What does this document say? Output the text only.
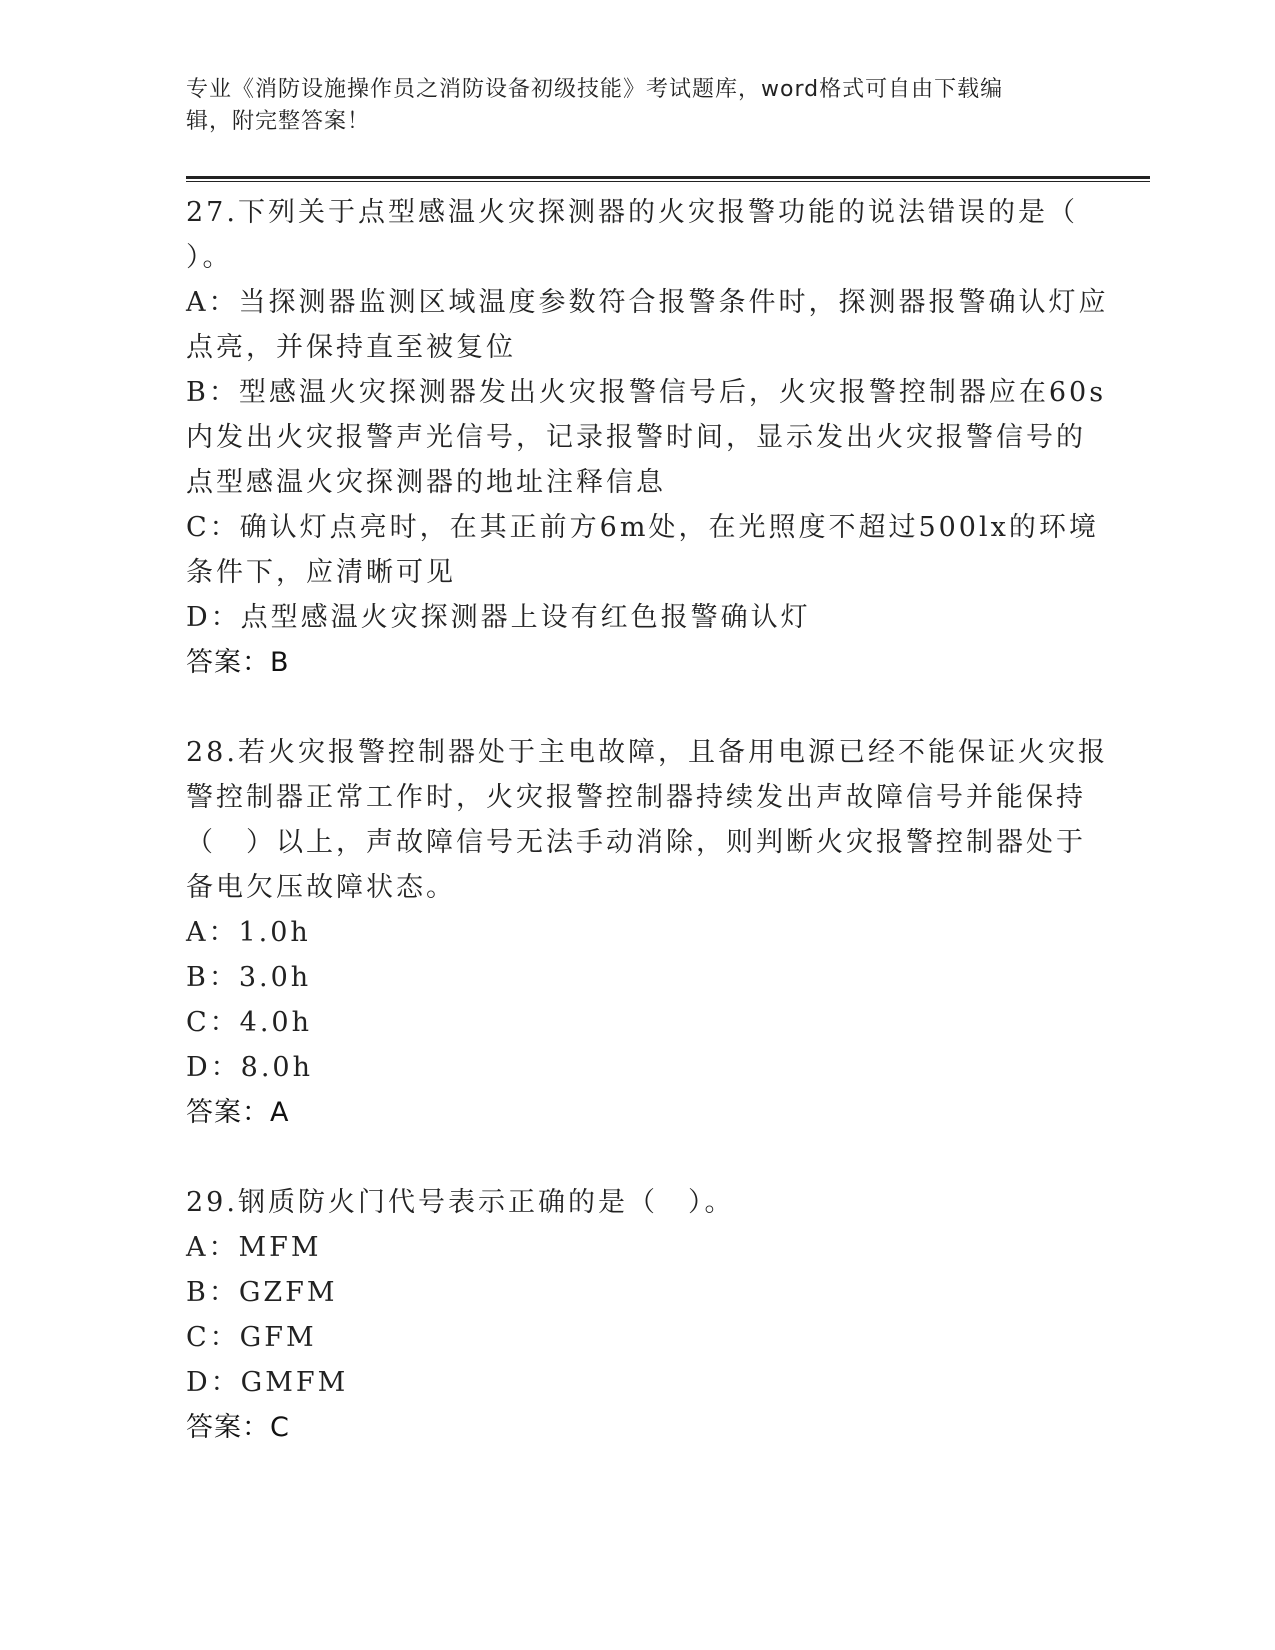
专业《消防设施操作员之消防设备初级技能》考试题库，word格式可自由下载编
辑，附完整答案！
27.下列关于点型感温火灾探测器的火灾报警功能的说法错误的是（
）。
A：当探测器监测区域温度参数符合报警条件时，探测器报警确认灯应
点亮，并保持直至被复位
B：型感温火灾探测器发出火灾报警信号后，火灾报警控制器应在60s
内发出火灾报警声光信号，记录报警时间，显示发出火灾报警信号的
点型感温火灾探测器的地址注释信息
C：确认灯点亮时，在其正前方6m处，在光照度不超过500lx的环境
条件下，应清晰可见
D：点型感温火灾探测器上设有红色报警确认灯
答案：B
28.若火灾报警控制器处于主电故障，且备用电源已经不能保证火灾报
警控制器正常工作时，火灾报警控制器持续发出声故障信号并能保持
（　）以上，声故障信号无法手动消除，则判断火灾报警控制器处于
备电欠压故障状态。
A：1.0h
B：3.0h
C：4.0h
D：8.0h
答案：A
29.钢质防火门代号表示正确的是（　）。
A：MFM
B：GZFM
C：GFM
D：GMFM
答案：C
